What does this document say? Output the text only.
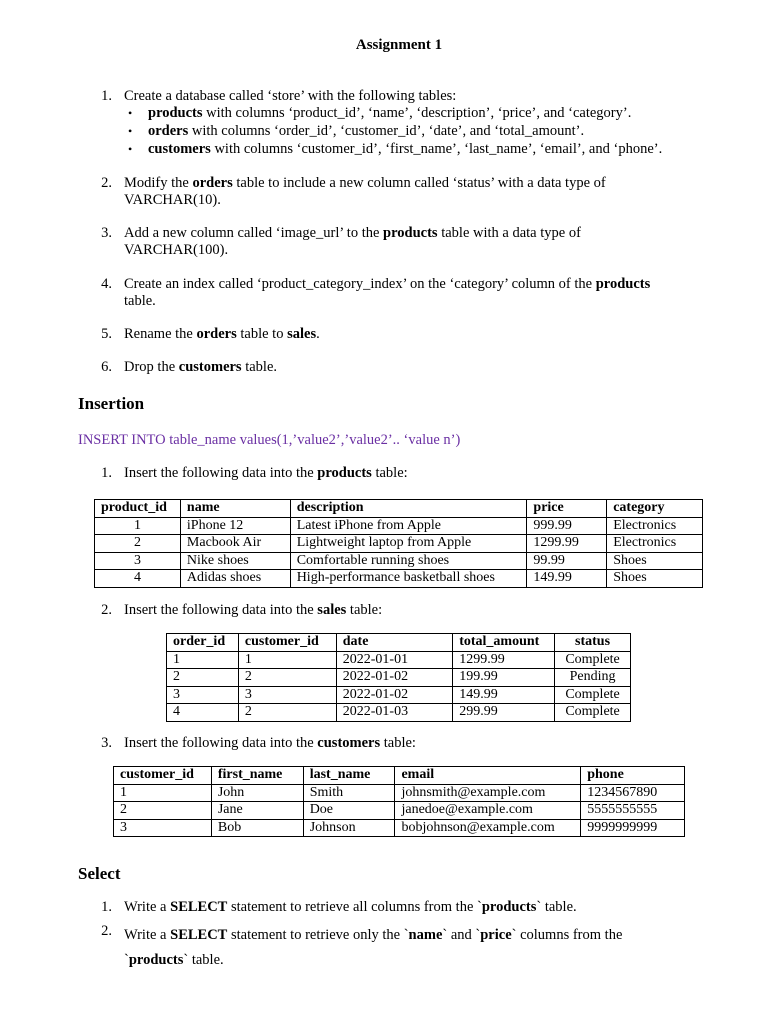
Assignment 1
1. Create a database called ‘store’ with the following tables:
• products with columns ‘product_id’, ‘name’, ‘description’, ‘price’, and ‘category’.
• orders with columns ‘order_id’, ‘customer_id’, ‘date’, and ‘total_amount’.
• customers with columns ‘customer_id’, ‘first_name’, ‘last_name’, ‘email’, and ‘phone’.
2. Modify the orders table to include a new column called ‘status’ with a data type of
VARCHAR(10).
3. Add a new column called ‘image_url’ to the products table with a data type of
VARCHAR(100).
4. Create an index called ‘product_category_index’ on the ‘category’ column of the products
table.
5. Rename the orders table to sales.
6. Drop the customers table.
Insertion
INSERT INTO table_name values(1,’value2’,’value2’.. ‘value n’)
1. Insert the following data into the products table:
product_id	name	description	price	category
1	iPhone 12	Latest iPhone from Apple	999.99	Electronics
2	Macbook Air	Lightweight laptop from Apple	1299.99	Electronics
3	Nike shoes	Comfortable running shoes	99.99	Shoes
4	Adidas shoes	High-performance basketball shoes	149.99	Shoes
2. Insert the following data into the sales table:
order_id	customer_id	date	total_amount	status
1	1	2022-01-01	1299.99	Complete
2	2	2022-01-02	199.99	Pending
3	3	2022-01-02	149.99	Complete
4	2	2022-01-03	299.99	Complete
3. Insert the following data into the customers table:
customer_id	first_name	last_name	email	phone
1	John	Smith	johnsmith@example.com	1234567890
2	Jane	Doe	janedoe@example.com	5555555555
3	Bob	Johnson	bobjohnson@example.com	9999999999
Select
1. Write a SELECT statement to retrieve all columns from the `products` table.
2. Write a SELECT statement to retrieve only the `name` and `price` columns from the
`products` table.
